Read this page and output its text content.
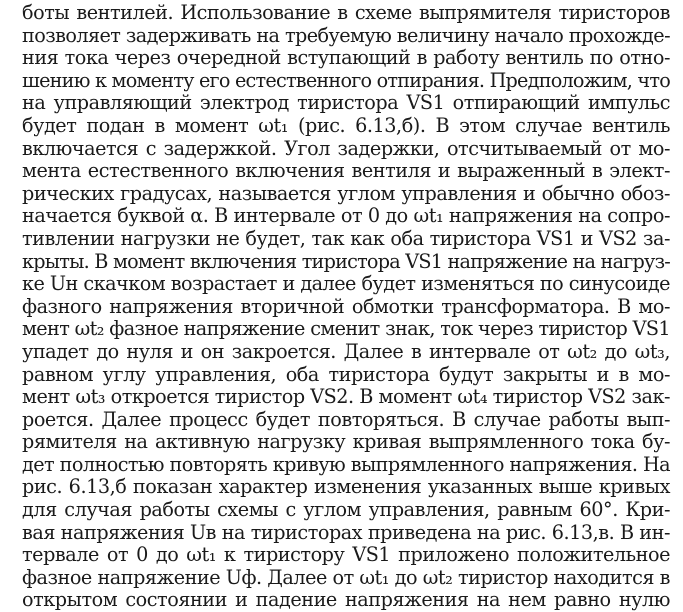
боты вентилей. Использование в схеме выпрямителя тиристоров
позволяет задерживать на требуемую величину начало прохожде-
ния тока через очередной вступающий в работу вентиль по отно-
шению к моменту его естественного отпирания. Предположим, что
на управляющий электрод тиристора VS1 отпирающий импульс
будет подан в момент ωt₁ (рис. 6.13,б). В этом случае вентиль
включается с задержкой. Угол задержки, отсчитываемый от мо-
мента естественного включения вентиля и выраженный в элект-
рических градусах, называется углом управления и обычно обоз-
начается буквой α. В интервале от 0 до ωt₁ напряжения на сопро-
тивлении нагрузки не будет, так как оба тиристора VS1 и VS2 за-
крыты. В момент включения тиристора VS1 напряжение на нагруз-
ке Uн скачком возрастает и далее будет изменяться по синусоиде
фазного напряжения вторичной обмотки трансформатора. В мо-
мент ωt₂ фазное напряжение сменит знак, ток через тиристор VS1
упадет до нуля и он закроется. Далее в интервале от ωt₂ до ωt₃,
равном углу управления, оба тиристора будут закрыты и в мо-
мент ωt₃ откроется тиристор VS2. В момент ωt₄ тиристор VS2 зак-
роется. Далее процесс будет повторяться. В случае работы вып-
рямителя на активную нагрузку кривая выпрямленного тока бу-
дет полностью повторять кривую выпрямленного напряжения. На
рис. 6.13,б показан характер изменения указанных выше кривых
для случая работы схемы с углом управления, равным 60°. Кри-
вая напряжения Uв на тиристорах приведена на рис. 6.13,в. В ин-
тервале от 0 до ωt₁ к тиристору VS1 приложено положительное
фазное напряжение Uф. Далее от ωt₁ до ωt₂ тиристор находится в
открытом состоянии и падение напряжения на нем равно нулю
